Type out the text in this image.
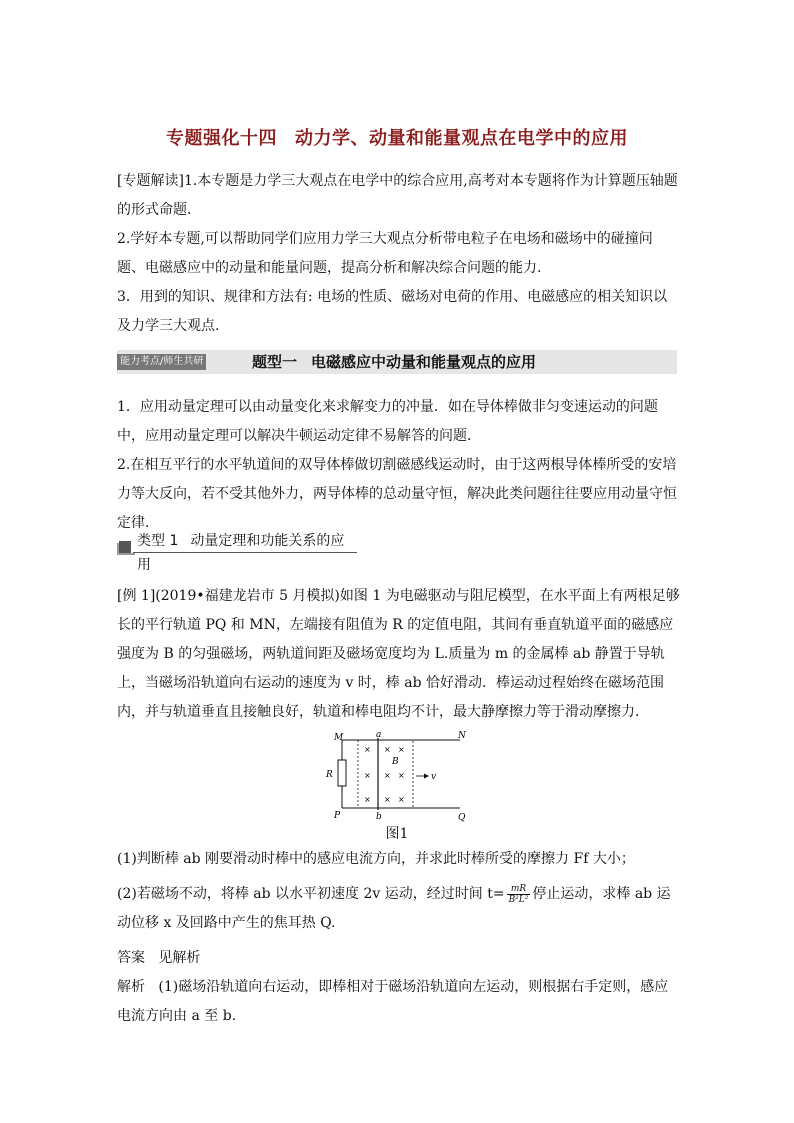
专题强化十四 动力学、动量和能量观点在电学中的应用

[专题解读]1.本专题是力学三大观点在电学中的综合应用,高考对本专题将作为计算题压轴题的形式命题.
2.学好本专题,可以帮助同学们应用力学三大观点分析带电粒子在电场和磁场中的碰撞问题、电磁感应中的动量和能量问题，提高分析和解决综合问题的能力.
3．用到的知识、规律和方法有: 电场的性质、磁场对电荷的作用、电磁感应的相关知识以及力学三大观点.

能力考点/师生共研	题型一 电磁感应中动量和能量观点的应用

1．应用动量定理可以由动量变化来求解变力的冲量．如在导体棒做非匀变速运动的问题中，应用动量定理可以解决牛顿运动定律不易解答的问题．
2.在相互平行的水平轨道间的双导体棒做切割磁感线运动时，由于这两根导体棒所受的安培力等大反向，若不受其他外力，两导体棒的总动量守恒，解决此类问题往往要应用动量守恒定律．

类型 1 动量定理和功能关系的应用

[例 1](2019•福建龙岩市 5 月模拟)如图 1 为电磁驱动与阻尼模型，在水平面上有两根足够长的平行轨道 PQ 和 MN，左端接有阻值为 R 的定值电阻，其间有垂直轨道平面的磁感应强度为 B 的匀强磁场，两轨道间距及磁场宽度均为 L.质量为 m 的金属棒 ab 静置于导轨上，当磁场沿轨道向右运动的速度为 v 时，棒 ab 恰好滑动．棒运动过程始终在磁场范围内，并与轨道垂直且接触良好，轨道和棒电阻均不计，最大静摩擦力等于滑动摩擦力．

M	N
P	Q
R
a
b
B
v
× × ×
× × ×
× × ×
图1

(1)判断棒 ab 刚要滑动时棒中的感应电流方向，并求此时棒所受的摩擦力 Ff 大小；

(2)若磁场不动，将棒 ab 以水平初速度 2v 运动，经过时间 $t= \frac{mR}{\text{B²L²}}$ 停止运动，求棒 ab 运动位移 x 及回路中产生的焦耳热 Q.

答案 见解析

解析 (1)磁场沿轨道向右运动，即棒相对于磁场沿轨道向左运动，则根据右手定则，感应电流方向由 a 至 b.
